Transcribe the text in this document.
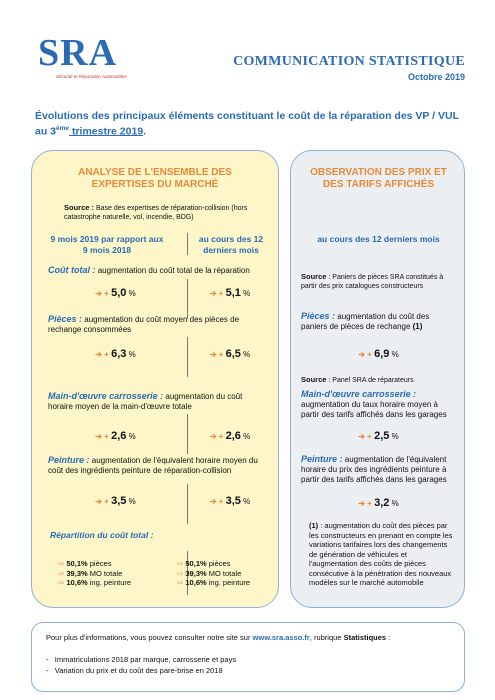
SRA
Sécurité et Réparation Automobiles
COMMUNICATION STATISTIQUE
Octobre 2019
Évolutions des principaux éléments constituant le coût de la réparation des VP / VUL
au 3ème trimestre 2019.
ANALYSE DE L'ENSEMBLE DES EXPERTISES DU MARCHÉ
Source : Base des expertises de réparation-collision (hors catastrophe naturelle, vol, incendie, BDG)
9 mois 2019 par rapport aux 9 mois 2018
au cours des 12 derniers mois
Coût total : augmentation du coût total de la réparation
➔ + 5,0 %	➔ + 5,1 %
Pièces : augmentation du coût moyen des pièces de rechange consommées
➔ + 6,3 %	➔ + 6,5 %
Main-d'œuvre carrosserie : augmentation du coût horaire moyen de la main-d'œuvre totale
➔ + 2,6 %	➔ + 2,6 %
Peinture : augmentation de l'équivalent horaire moyen du coût des ingrédients peinture de réparation-collision
➔ + 3,5 %	➔ + 3,5 %
Répartition du coût total :
⇨ 50,1% pièces
⇨ 39,3% MO totale
⇨ 10,6% ing. peinture
⇨ 50,1% pièces
⇨ 39,3% MO totale
⇨ 10,6% ing. peinture
OBSERVATION DES PRIX ET DES TARIFS AFFICHÉS
au cours des 12 derniers mois
Source : Paniers de pièces SRA constitués à partir des prix catalogues constructeurs
Pièces : augmentation du coût des paniers de pièces de rechange (1)
➔ + 6,9 %
Source : Panel SRA de réparateurs
Main-d'œuvre carrosserie :
augmentation du taux horaire moyen à partir des tarifs affichés dans les garages
➔ + 2,5 %
Peinture : augmentation de l'équivalent horaire du prix des ingrédients peinture à partir des tarifs affichés dans les garages
➔ + 3,2 %
(1) : augmentation du coût des pièces par les constructeurs en prenant en compte les variations tarifaires lors des changements de génération de véhicules et l'augmentation des coûts de pièces consécutive à la pénétration des nouveaux modèles sur le marché automobile
Pour plus d'informations, vous pouvez consulter notre site sur www.sra.asso.fr, rubrique Statistiques :
-   Immatriculations 2018 par marque, carrosserie et pays
-   Variation du prix et du coût des pare-brise en 2018
